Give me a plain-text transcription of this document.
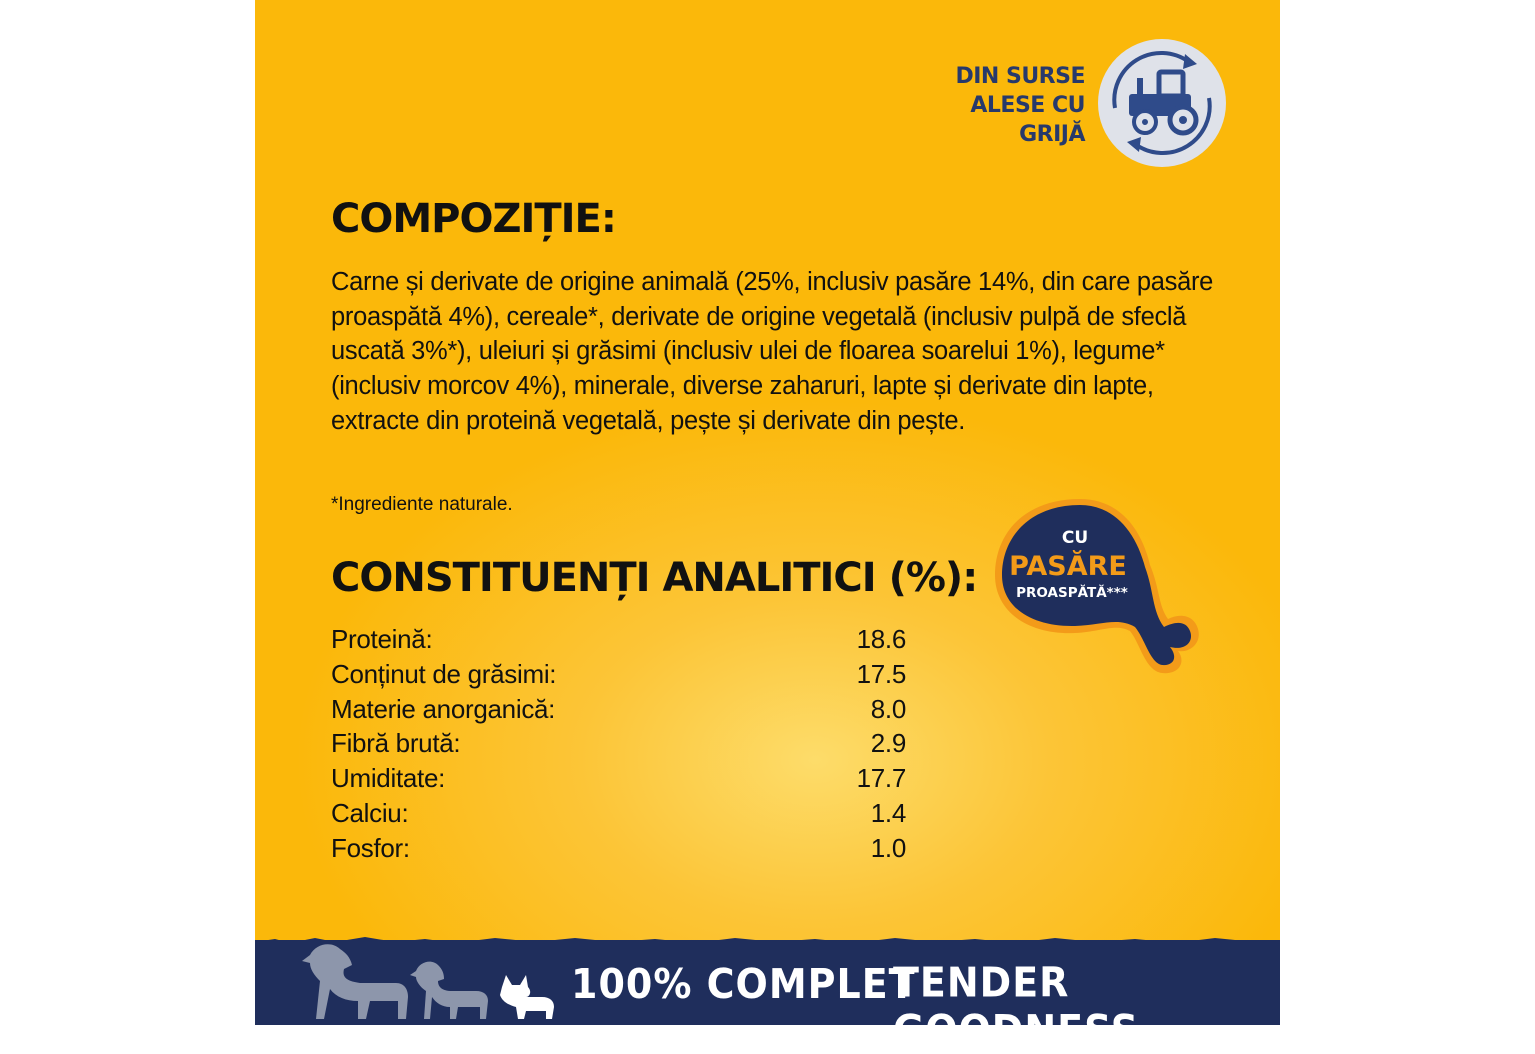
DIN SURSE
ALESE CU
GRIJĂ
COMPOZIȚIE:
Carne și derivate de origine animală (25%, inclusiv pasăre 14%, din care pasăre proaspătă 4%), cereale*, derivate de origine vegetală (inclusiv pulpă de sfeclă uscată 3%*), uleiuri și grăsimi (inclusiv ulei de floarea soarelui 1%), legume* (inclusiv morcov 4%), minerale, diverse zaharuri, lapte și derivate din lapte, extracte din proteină vegetală, pește și derivate din pește.
*Ingrediente naturale.
CONSTITUENȚI ANALITICI (%):
Proteină:	18.6
Conținut de grăsimi:	17.5
Materie anorganică:	8.0
Fibră brută:	2.9
Umiditate:	17.7
Calciu:	1.4
Fosfor:	1.0
CU
PASĂRE
PROASPĂTĂ***
100% COMPLET
TENDER GOODNESS
